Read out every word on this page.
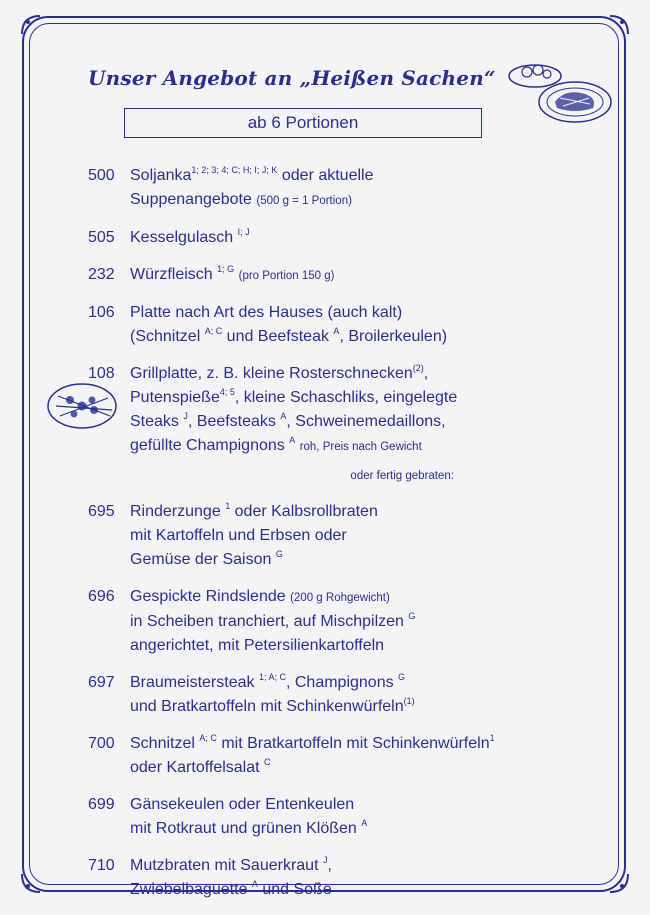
Unser Angebot an „Heißen Sachen“
ab 6 Portionen
500 Soljanka$^{1; 2; 3; 4; C; H; I; J; K}$ oder aktuelle
Suppenangebote (500 g = 1 Portion)
505 Kesselgulasch $^{I; J}$
232 Würzfleisch $^{1; G}$ (pro Portion 150 g)
106 Platte nach Art des Hauses (auch kalt)
(Schnitzel $^{A; C}$ und Beefsteak $^A$, Broilerkeulen)
108 Grillplatte, z. B. kleine Rosterschnecken$^{(2)}$,
Putenspieße$^{4; 5}$, kleine Schaschliks, eingelegte
Steaks $^J$, Beefsteaks $^A$, Schweinemedaillons,
gefüllte Champignons $^A$ roh, Preis nach Gewicht
oder fertig gebraten:
695 Rinderzunge $^1$ oder Kalbsrollbraten
mit Kartoffeln und Erbsen oder
Gemüse der Saison $^G$
696 Gespickte Rindslende (200 g Rohgewicht)
in Scheiben tranchiert, auf Mischpilzen $^G$
angerichtet, mit Petersilienkartoffeln
697 Braumeistersteak $^{1; A; C}$, Champignons $^G$
und Bratkartoffeln mit Schinkenwürfeln$^{(1)}$
700 Schnitzel $^{A; C}$ mit Bratkartoffeln mit Schinkenwürfeln$^1$
oder Kartoffelsalat $^C$
699 Gänsekeulen oder Entenkeulen
mit Rotkraut und grünen Klößen $^A$
710 Mutzbraten mit Sauerkraut $^J$,
Zwiebelbaguette $^A$ und Soße
